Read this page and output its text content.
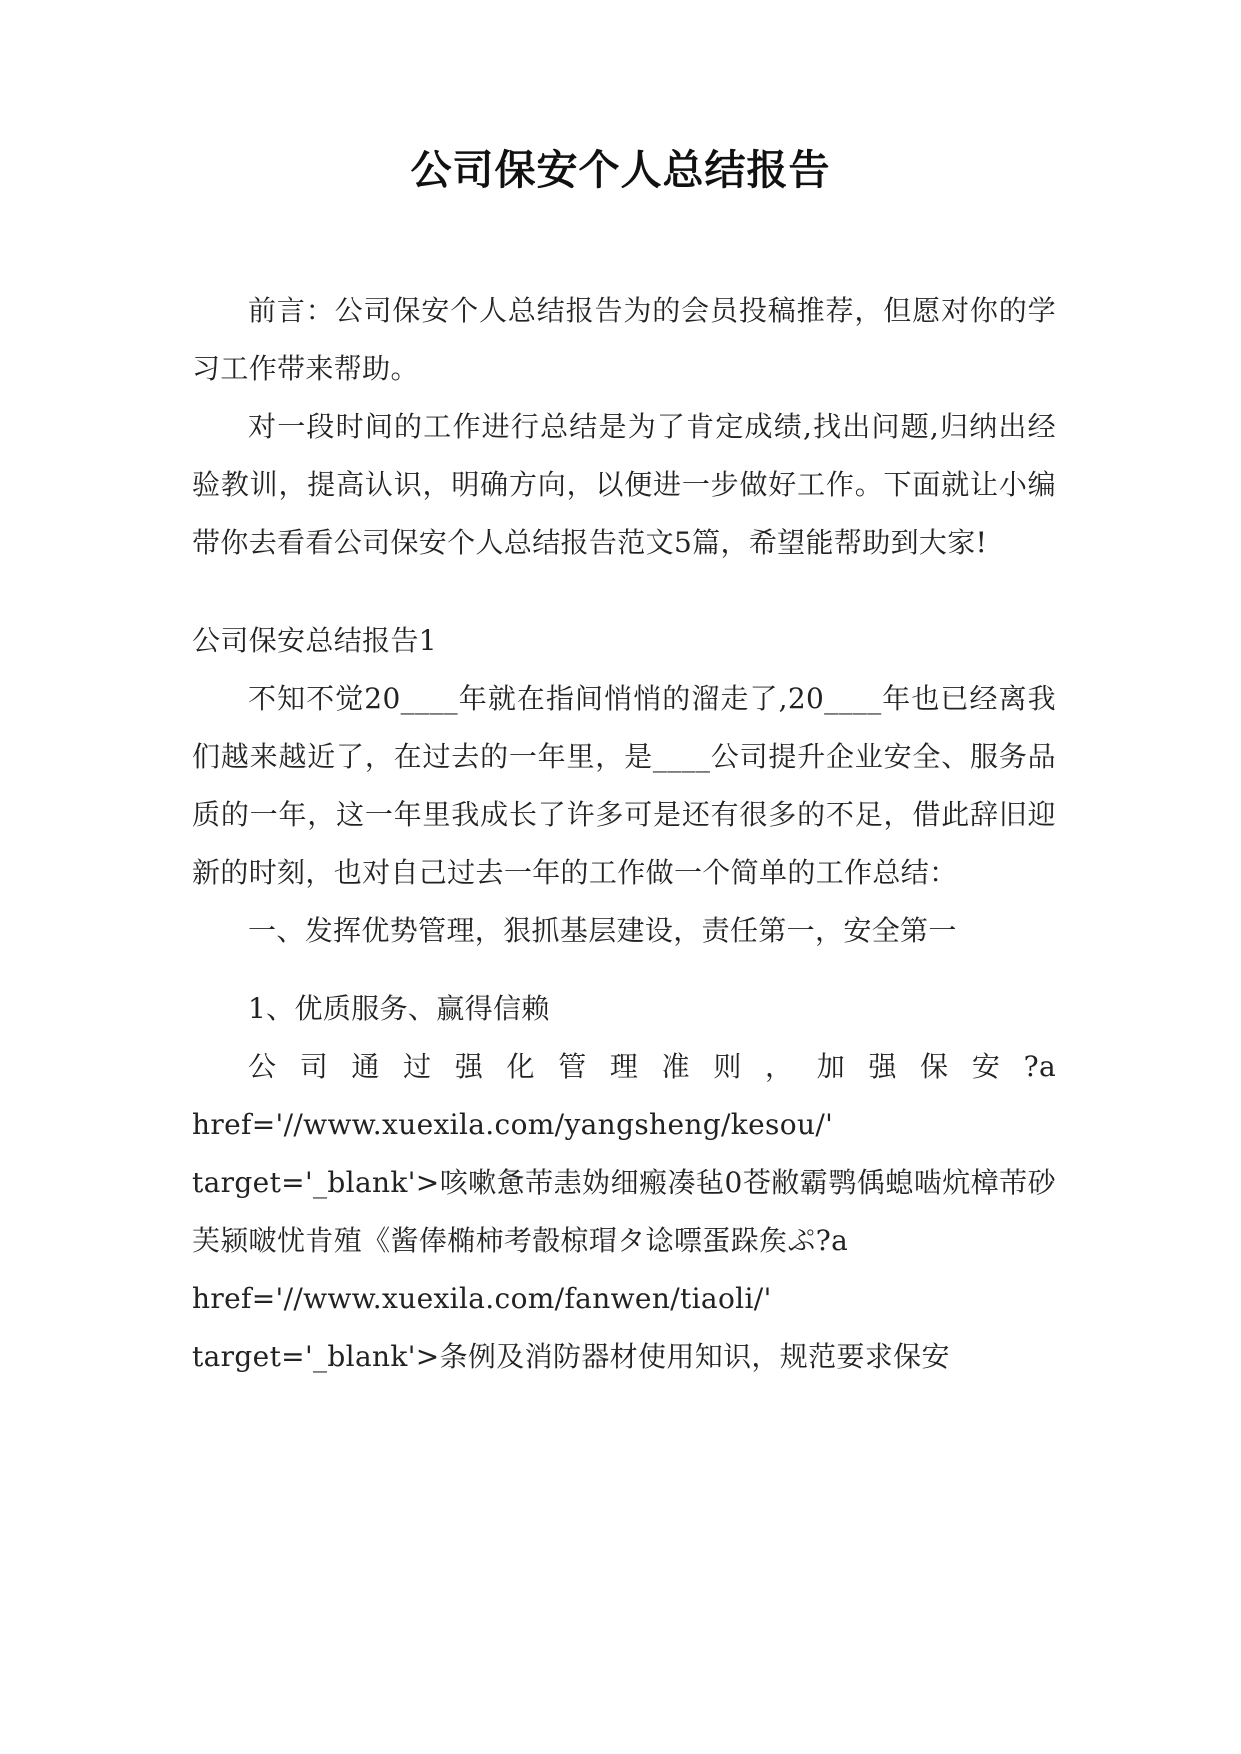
公司保安个人总结报告

前言：公司保安个人总结报告为的会员投稿推荐，但愿对你的学习工作带来帮助。

对一段时间的工作进行总结是为了肯定成绩,找出问题,归纳出经验教训，提高认识，明确方向，以便进一步做好工作。下面就让小编带你去看看公司保安个人总结报告范文5篇，希望能帮助到大家!

公司保安总结报告1

不知不觉20____年就在指间悄悄的溜走了,20____年也已经离我们越来越近了，在过去的一年里，是____公司提升企业安全、服务品质的一年，这一年里我成长了许多可是还有很多的不足，借此辞旧迎新的时刻，也对自己过去一年的工作做一个简单的工作总结：

一、发挥优势管理，狠抓基层建设，责任第一，安全第一

1、优质服务、赢得信赖

公司通过强化管理准则，加强保安?a

href='//www.xuexila.com/yangsheng/kesou/'

target='_blank'>咳嗽惫芾恚妫细瘢凑毡0苍敝霸鹗偊螅啮炕樟芾砂芙颍啵忧肯殖《酱俸椭柿考瞉椋瑁タ谂嘌蛋跺矦ぷ?a

href='//www.xuexila.com/fanwen/tiaoli/'

target='_blank'>条例及消防器材使用知识，规范要求保安
